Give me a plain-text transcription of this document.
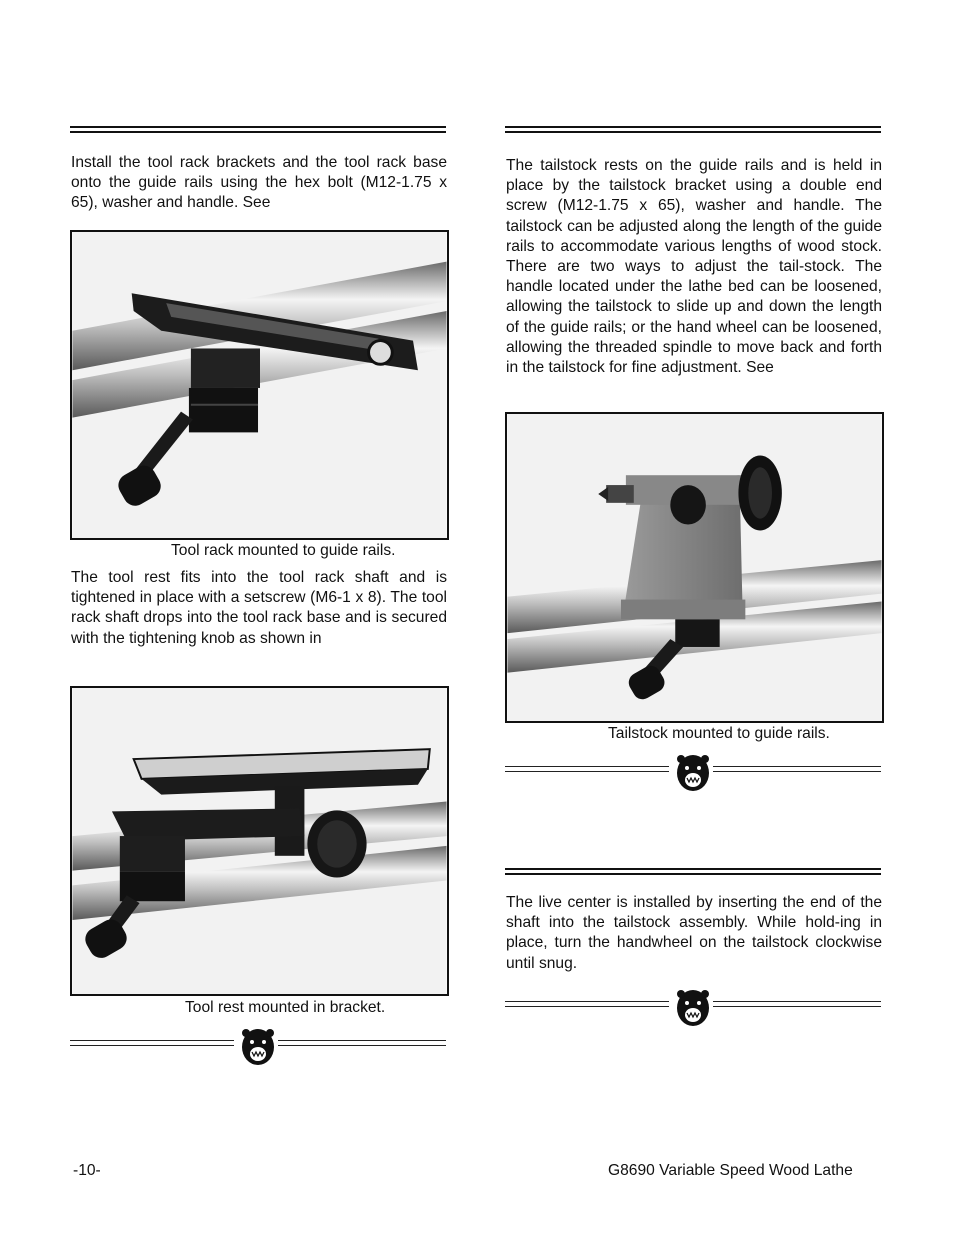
Install the tool rack brackets and the tool rack base onto the guide rails using the hex bolt (M12-1.75 x 65), washer and handle. See

Tool rack mounted to guide rails.

The tool rest fits into the tool rack shaft and is tightened in place with a setscrew (M6-1 x 8). The tool rack shaft drops into the tool rack base and is secured with the tightening knob as shown in

Tool rest mounted in bracket.

The tailstock rests on the guide rails and is held in place by the tailstock bracket using a double end screw (M12-1.75 x 65), washer and handle. The tailstock can be adjusted along the length of the guide rails to accommodate various lengths of wood stock. There are two ways to adjust the tail-stock. The handle located under the lathe bed can be loosened, allowing the tailstock to slide up and down the length of the guide rails; or the hand wheel can be loosened, allowing the threaded spindle to move back and forth in the tailstock for fine adjustment. See

Tailstock mounted to guide rails.

The live center is installed by inserting the end of the shaft into the tailstock assembly. While hold-ing in place, turn the handwheel on the tailstock clockwise until snug.

-10-	G8690 Variable Speed Wood Lathe
